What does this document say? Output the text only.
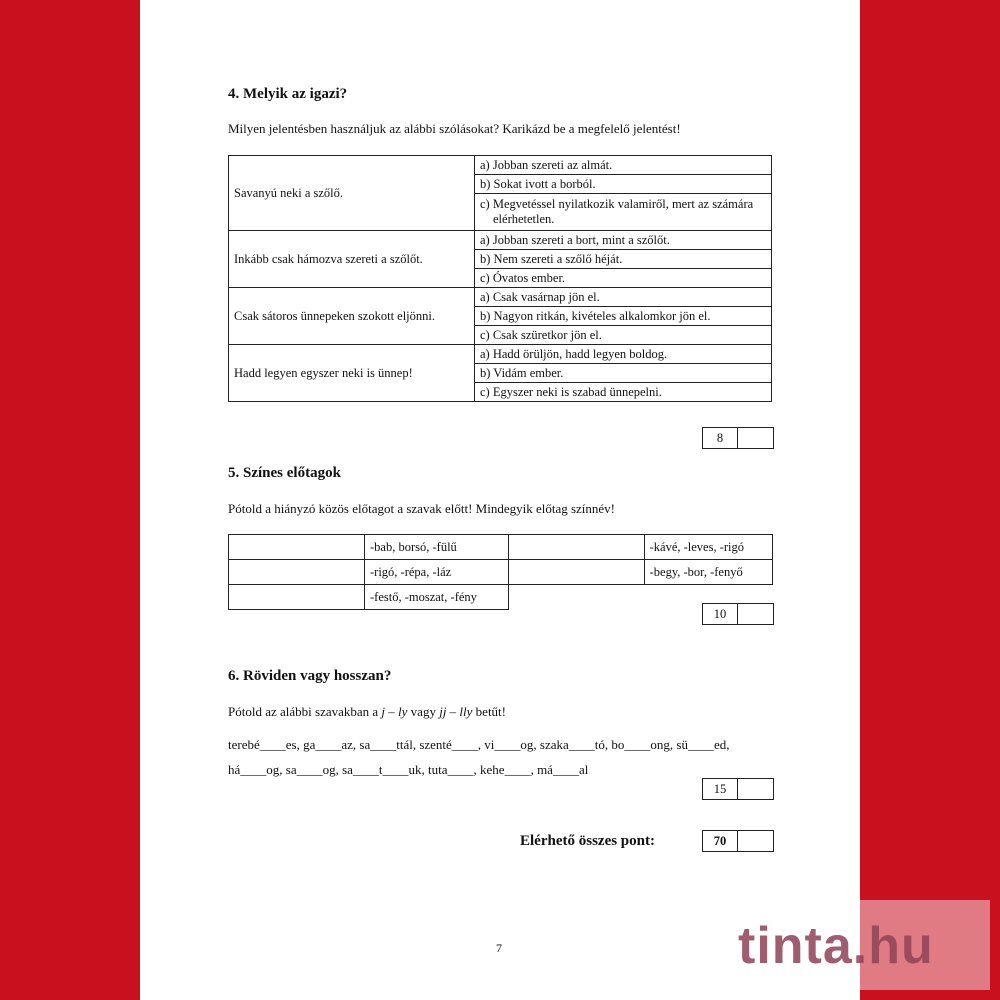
4. Melyik az igazi?
Milyen jelentésben használjuk az alábbi szólásokat? Karikázd be a megfelelő jelentést!
Savanyú neki a szőlő.	a) Jobban szereti az almát.
	b) Sokat ivott a borból.
	c) Megvetéssel nyilatkozik valamiről, mert az számára elérhetetlen.
Inkább csak hámozva szereti a szőlőt.	a) Jobban szereti a bort, mint a szőlőt.
	b) Nem szereti a szőlő héját.
	c) Óvatos ember.
Csak sátoros ünnepeken szokott eljönni.	a) Csak vasárnap jön el.
	b) Nagyon ritkán, kivételes alkalomkor jön el.
	c) Csak szüretkor jön el.
Hadd legyen egyszer neki is ünnep!	a) Hadd örüljön, hadd legyen boldog.
	b) Vidám ember.
	c) Egyszer neki is szabad ünnepelni.
8
5. Színes előtagok
Pótold a hiányzó közös előtagot a szavak előtt! Mindegyik előtag színnév!
	-bab, borsó, -fülű		-kávé, -leves, -rigó
	-rigó, -répa, -láz		-begy, -bor, -fenyő
	-festő, -moszat, -fény		
10
6. Röviden vagy hosszan?
Pótold az alábbi szavakban a j – ly vagy jj – lly betűt!
terebé____es, ga____az, sa____ttál, szenté____, vi____og, szaka____tó, bo____ong, sü____ed,
há____og, sa____og, sa____t____uk, tuta____, kehe____, má____al
15
Elérhető összes pont:	70
7	tinta.hu
